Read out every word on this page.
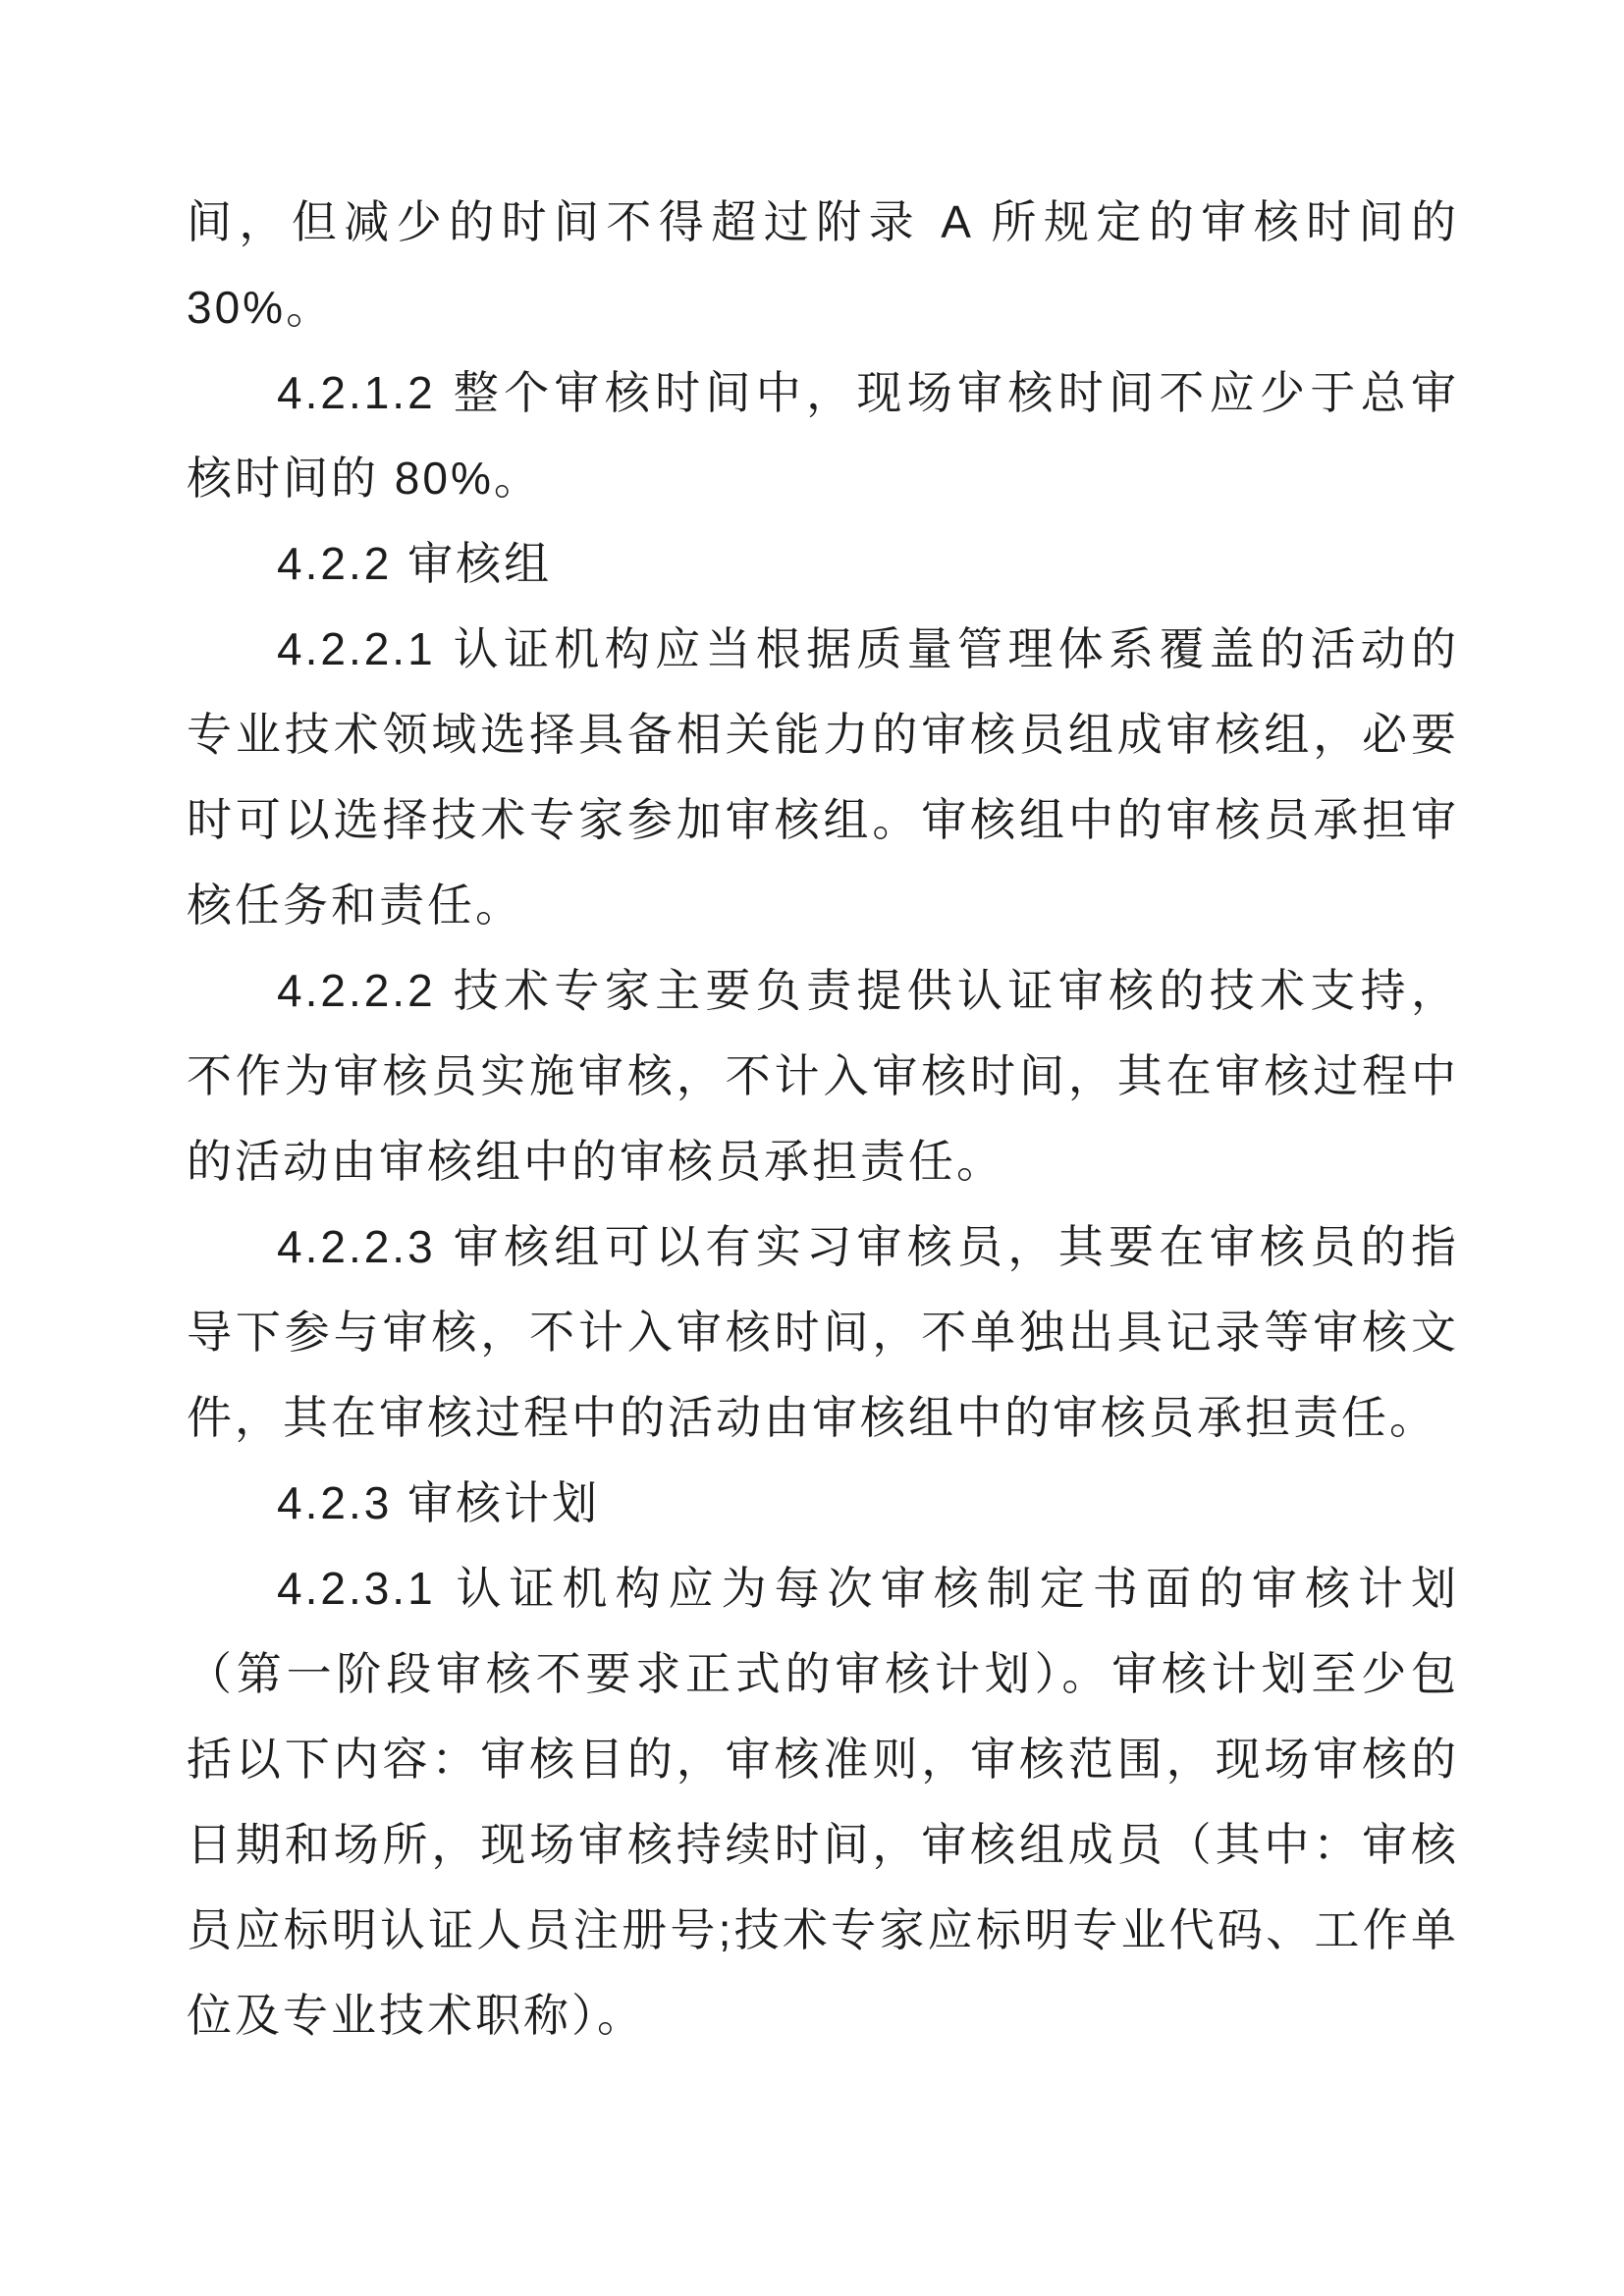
间，但减少的时间不得超过附录 A 所规定的审核时间的 30%。

4.2.1.2 整个审核时间中，现场审核时间不应少于总审核时间的 80%。

4.2.2 审核组

4.2.2.1 认证机构应当根据质量管理体系覆盖的活动的专业技术领域选择具备相关能力的审核员组成审核组，必要时可以选择技术专家参加审核组。审核组中的审核员承担审核任务和责任。

4.2.2.2 技术专家主要负责提供认证审核的技术支持，不作为审核员实施审核，不计入审核时间，其在审核过程中的活动由审核组中的审核员承担责任。

4.2.2.3 审核组可以有实习审核员，其要在审核员的指导下参与审核，不计入审核时间，不单独出具记录等审核文件，其在审核过程中的活动由审核组中的审核员承担责任。

4.2.3 审核计划

4.2.3.1 认证机构应为每次审核制定书面的审核计划（第一阶段审核不要求正式的审核计划）。审核计划至少包括以下内容：审核目的，审核准则，审核范围，现场审核的日期和场所，现场审核持续时间，审核组成员（其中：审核员应标明认证人员注册号;技术专家应标明专业代码、工作单位及专业技术职称）。
